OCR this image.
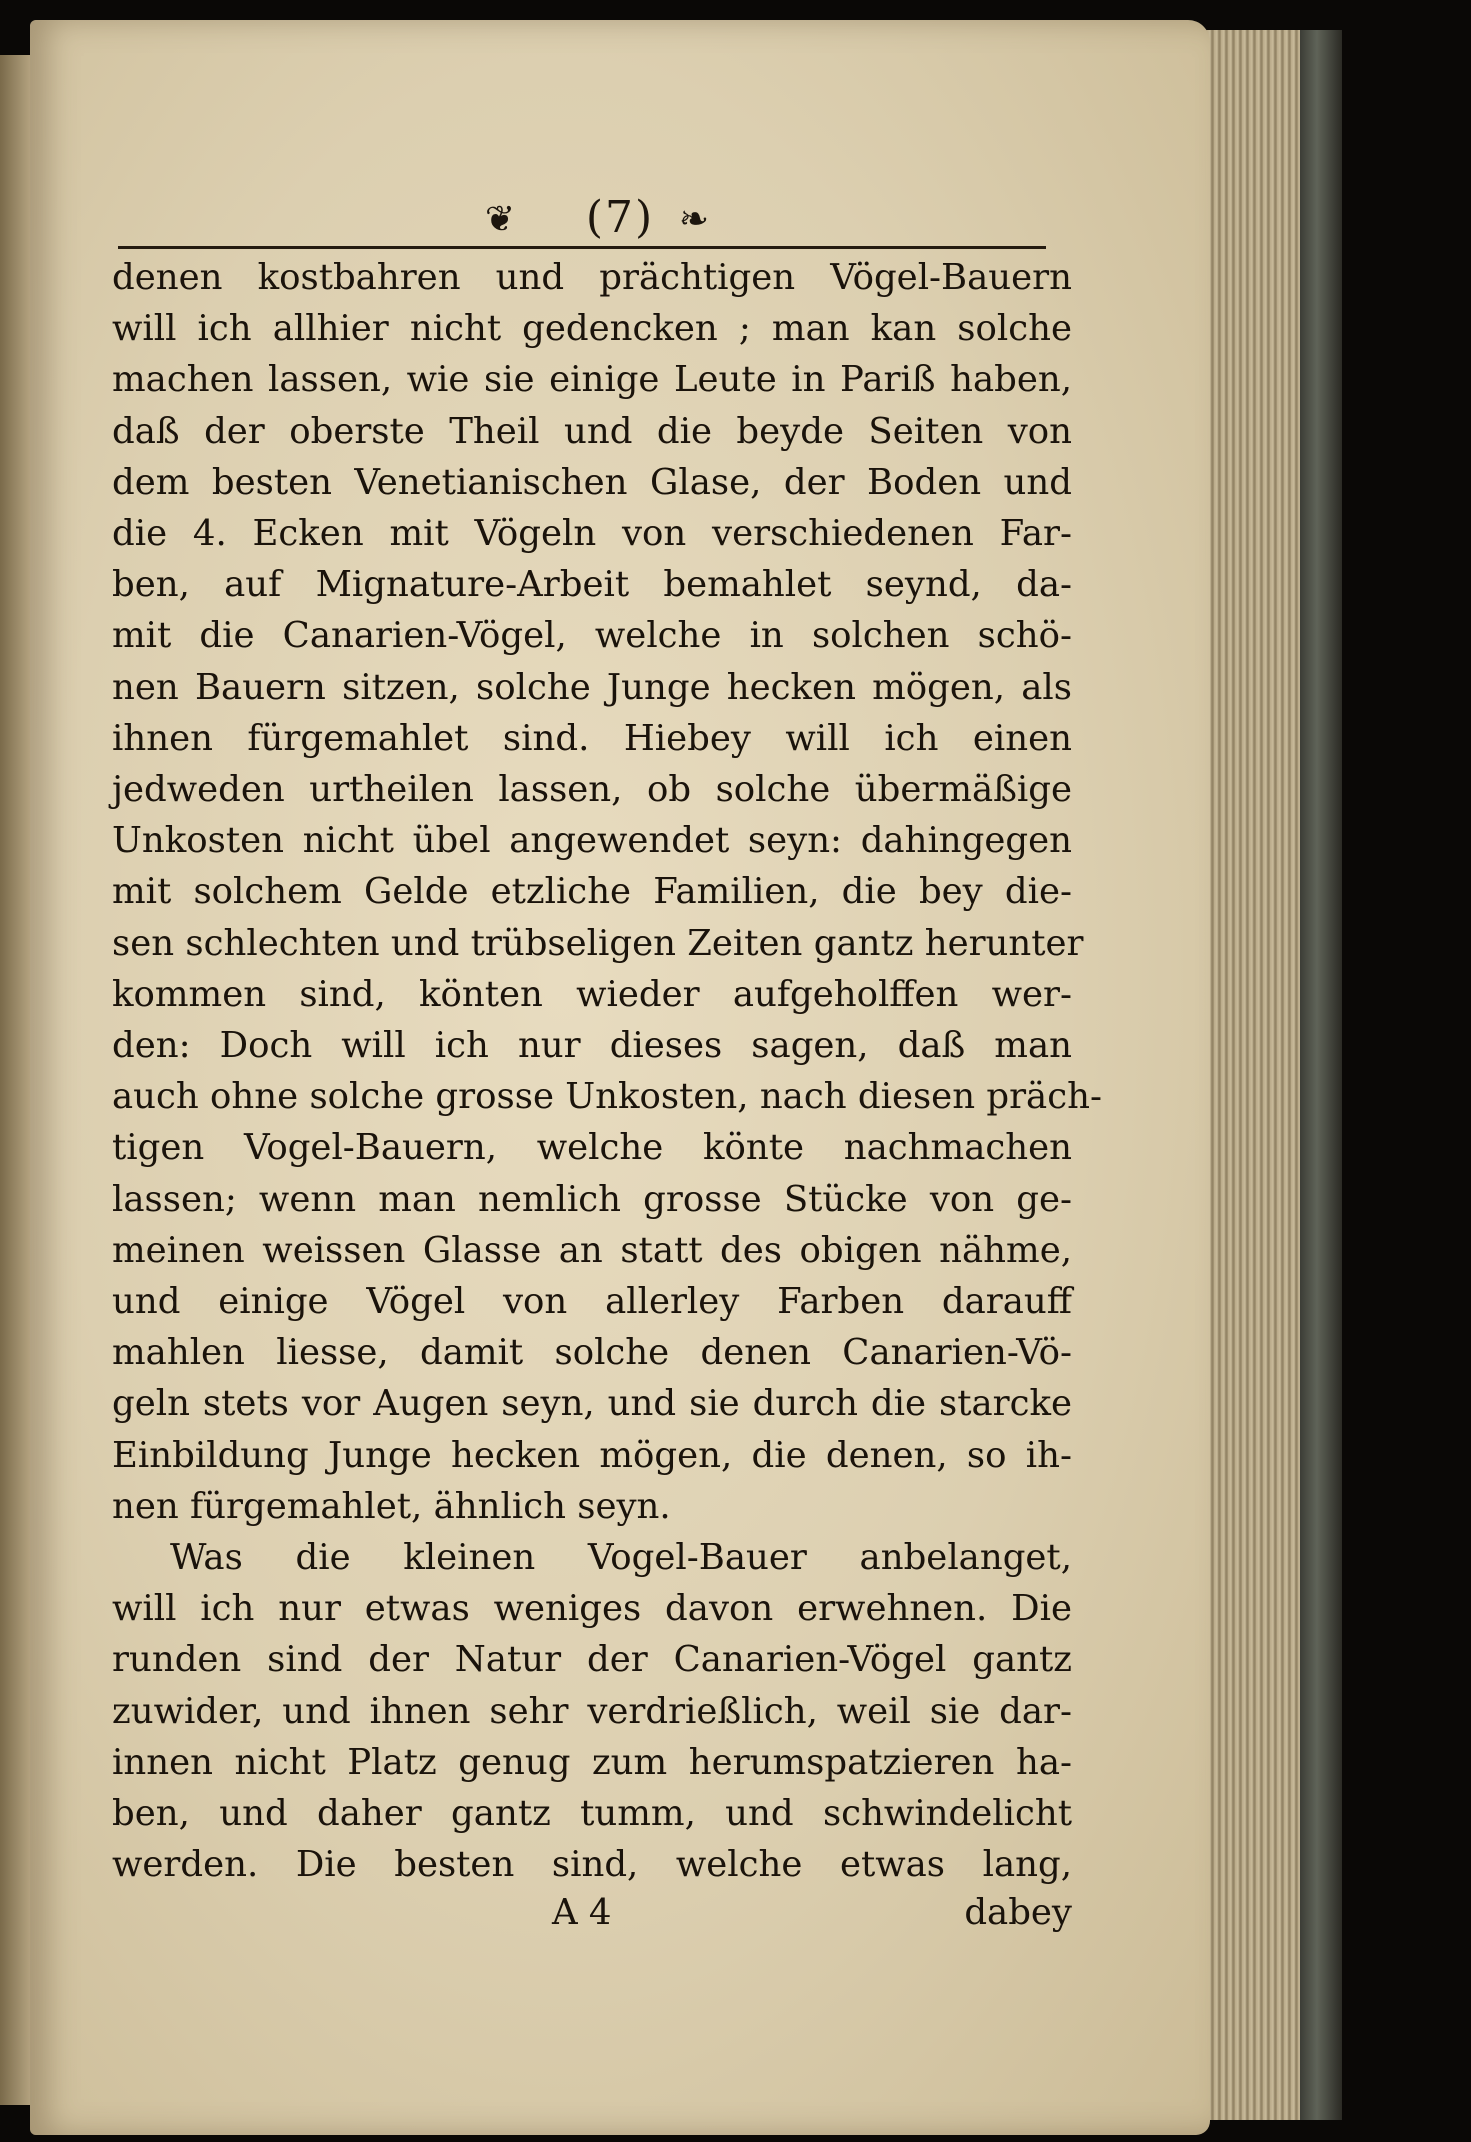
❦	(7) ❧
denen kostbahren und prächtigen Vögel-Bauern
will ich allhier nicht gedencken ; man kan solche
machen lassen, wie sie einige Leute in Pariß haben,
daß der oberste Theil und die beyde Seiten von
dem besten Venetianischen Glase, der Boden und
die 4. Ecken mit Vögeln von verschiedenen Far-
ben, auf Mignature-Arbeit bemahlet seynd, da-
mit die Canarien-Vögel, welche in solchen schö-
nen Bauern sitzen, solche Junge hecken mögen, als
ihnen fürgemahlet sind. Hiebey will ich einen
jedweden urtheilen lassen, ob solche übermäßige
Unkosten nicht übel angewendet seyn: dahingegen
mit solchem Gelde etzliche Familien, die bey die-
sen schlechten und trübseligen Zeiten gantz herunter
kommen sind, könten wieder aufgeholffen wer-
den: Doch will ich nur dieses sagen, daß man
auch ohne solche grosse Unkosten, nach diesen präch-
tigen Vogel-Bauern, welche könte nachmachen
lassen; wenn man nemlich grosse Stücke von ge-
meinen weissen Glasse an statt des obigen nähme,
und einige Vögel von allerley Farben darauff
mahlen liesse, damit solche denen Canarien-Vö-
geln stets vor Augen seyn, und sie durch die starcke
Einbildung Junge hecken mögen, die denen, so ih-
nen fürgemahlet, ähnlich seyn.
Was die kleinen Vogel-Bauer anbelanget,
will ich nur etwas weniges davon erwehnen. Die
runden sind der Natur der Canarien-Vögel gantz
zuwider, und ihnen sehr verdrießlich, weil sie dar-
innen nicht Platz genug zum herumspatzieren ha-
ben, und daher gantz tumm, und schwindelicht
werden. Die besten sind, welche etwas lang,
A 4	dabey
